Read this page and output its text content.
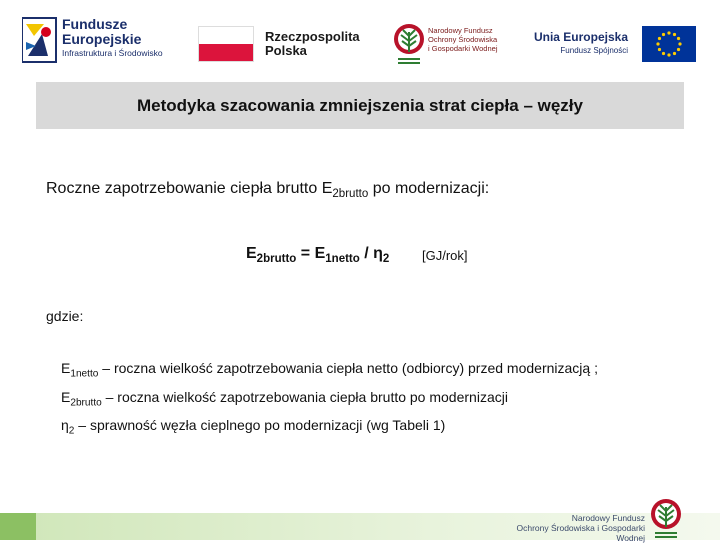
Fundusze
Europejskie
Infrastruktura i Środowisko
Rzeczpospolita
Polska
Narodowy Fundusz
Ochrony Środowiska
i Gospodarki Wodnej
Unia Europejska
Fundusz Spójności
Metodyka szacowania zmniejszenia strat ciepła – węzły
Roczne zapotrzebowanie ciepła brutto $E_{2brutto}$ po modernizacji:
$E_{2brutto} = E_{1netto} / \eta_2$	[GJ/rok]
gdzie:
$E_{1netto}$ – roczna wielkość zapotrzebowania ciepła netto (odbiorcy) przed modernizacją ;
$E_{2brutto}$ – roczna wielkość zapotrzebowania ciepła brutto po modernizacji
$\eta_2$ – sprawność węzła cieplnego po modernizacji (wg Tabeli 1)
Narodowy Fundusz
Ochrony Środowiska i Gospodarki Wodnej
